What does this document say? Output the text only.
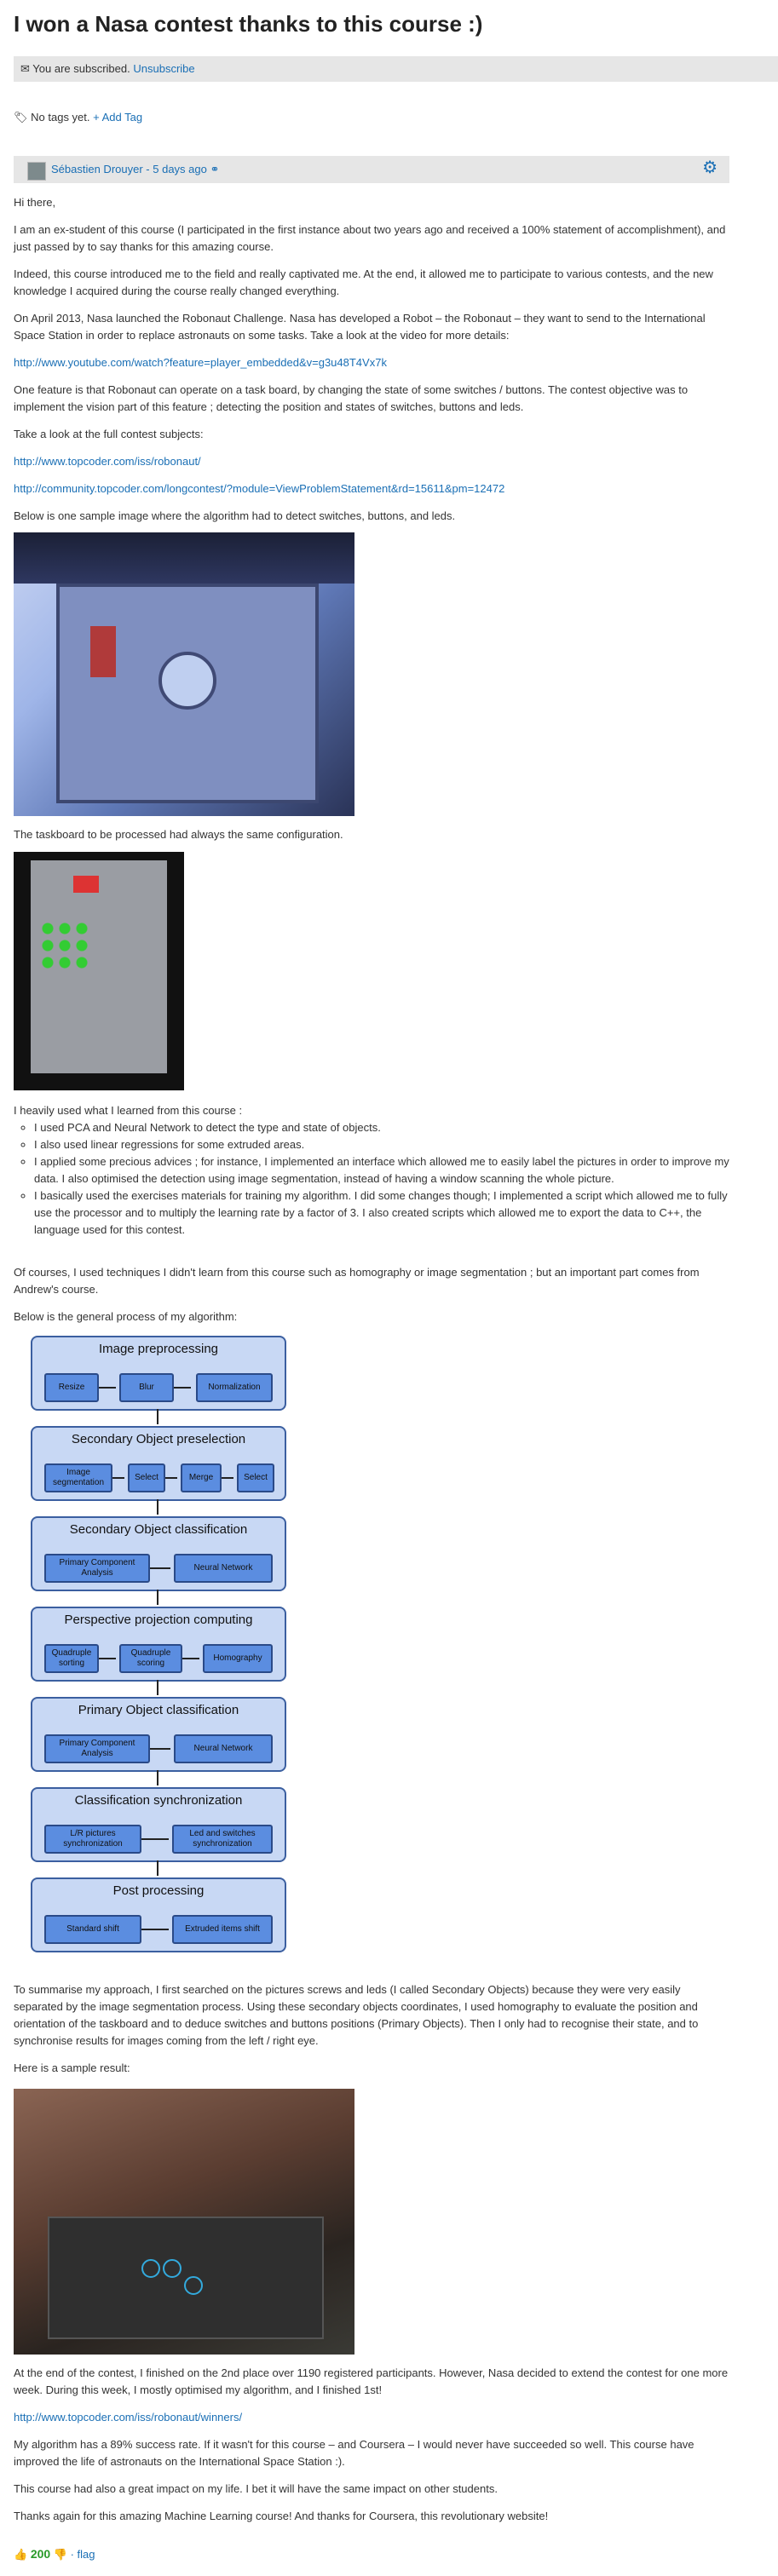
I won a Nasa contest thanks to this course :)
✉ You are subscribed. Unsubscribe
🏷 No tags yet. + Add Tag
Sébastien Drouyer - 5 days ago ⚭	⚙

Hi there,

I am an ex-student of this course (I participated in the first instance about two years ago and received a 100% statement of accomplishment), and just passed by to say thanks for this amazing course.

Indeed, this course introduced me to the field and really captivated me. At the end, it allowed me to participate to various contests, and the new knowledge I acquired during the course really changed everything.

On April 2013, Nasa launched the Robonaut Challenge. Nasa has developed a Robot – the Robonaut – they want to send to the International Space Station in order to replace astronauts on some tasks. Take a look at the video for more details:

http://www.youtube.com/watch?feature=player_embedded&v=g3u48T4Vx7k

One feature is that Robonaut can operate on a task board, by changing the state of some switches / buttons. The contest objective was to implement the vision part of this feature ; detecting the position and states of switches, buttons and leds.

Take a look at the full contest subjects:

http://www.topcoder.com/iss/robonaut/

http://community.topcoder.com/longcontest/?module=ViewProblemStatement&rd=15611&pm=12472

Below is one sample image where the algorithm had to detect switches, buttons, and leds.

The taskboard to be processed had always the same configuration.
I heavily used what I learned from this course :
◦ I used PCA and Neural Network to detect the type and state of objects.
◦ I also used linear regressions for some extruded areas.
◦ I applied some precious advices ; for instance, I implemented an interface which allowed me to easily label the pictures in order to improve my data. I also optimised the detection using image segmentation, instead of having a window scanning the whole picture.
◦ I basically used the exercises materials for training my algorithm. I did some changes though; I implemented a script which allowed me to fully use the processor and to multiply the learning rate by a factor of 3. I also created scripts which allowed me to export the data to C++, the language used for this contest.

Of courses, I used techniques I didn't learn from this course such as homography or image segmentation ; but an important part comes from Andrew's course.

Below is the general process of my algorithm:

Image preprocessing
Resize	Blur	Normalization
Secondary Object preselection
Image segmentation
Select	Merge	Select
Secondary Object classification
Primary Component Analysis
Neural Network
Perspective projection computing
Quadruple sorting
Quadruple scoring
Homography
Primary Object classification
Primary Component Analysis
Neural Network
Classification synchronization
L/R pictures synchronization
Led and switches synchronization
Post processing
Standard shift	Extruded items shift

To summarise my approach, I first searched on the pictures screws and leds (I called Secondary Objects) because they were very easily separated by the image segmentation process. Using these secondary objects coordinates, I used homography to evaluate the position and orientation of the taskboard and to deduce switches and buttons positions (Primary Objects). Then I only had to recognise their state, and to synchronise results for images coming from the left / right eye.

Here is a sample result:

At the end of the contest, I finished on the 2nd place over 1190 registered participants. However, Nasa decided to extend the contest for one more week. During this week, I mostly optimised my algorithm, and I finished 1st!

http://www.topcoder.com/iss/robonaut/winners/

My algorithm has a 89% success rate. If it wasn't for this course – and Coursera – I would never have succeeded so well. This course have improved the life of astronauts on the International Space Station :).

This course had also a great impact on my life. I bet it will have the same impact on other students.

Thanks again for this amazing Machine Learning course! And thanks for Coursera, this revolutionary website!

👍 200 👎 · flag
